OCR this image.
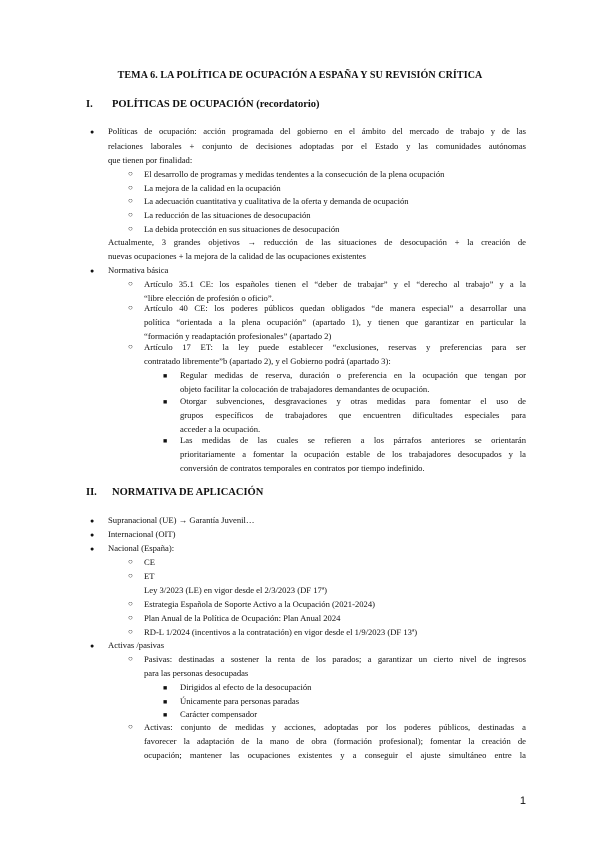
TEMA 6. LA POLÍTICA DE OCUPACIÓN A ESPAÑA Y SU REVISIÓN CRÍTICA
I. POLÍTICAS DE OCUPACIÓN (recordatorio)
● Políticas de ocupación: acción programada del gobierno en el ámbito del mercado de trabajo y de las
relaciones laborales + conjunto de decisiones adoptadas por el Estado y las comunidades autónomas
que tienen por finalidad:
○ El desarrollo de programas y medidas tendentes a la consecución de la plena ocupación
○ La mejora de la calidad en la ocupación
○ La adecuación cuantitativa y cualitativa de la oferta y demanda de ocupación
○ La reducción de las situaciones de desocupación
○ La debida protección en sus situaciones de desocupación
Actualmente, 3 grandes objetivos → reducción de las situaciones de desocupación + la creación de
nuevas ocupaciones + la mejora de la calidad de las ocupaciones existentes
● Normativa básica
○ Artículo 35.1 CE: los españoles tienen el “deber de trabajar” y el “derecho al trabajo” y a la
“libre elección de profesión o oficio”.
○ Artículo 40 CE: los poderes públicos quedan obligados “de manera especial” a desarrollar una
política “orientada a la plena ocupación” (apartado 1), y tienen que garantizar en particular la
“formación y readaptación profesionales” (apartado 2)
○ Artículo 17 ET: la ley puede establecer “exclusiones, reservas y preferencias para ser
contratado libremente”b (apartado 2), y el Gobierno podrá (apartado 3):
■ Regular medidas de reserva, duración o preferencia en la ocupación que tengan por
objeto facilitar la colocación de trabajadores demandantes de ocupación.
■ Otorgar subvenciones, desgravaciones y otras medidas para fomentar el uso de
grupos específicos de trabajadores que encuentren dificultades especiales para
acceder a la ocupación.
■ Las medidas de las cuales se refieren a los párrafos anteriores se orientarán
prioritariamente a fomentar la ocupación estable de los trabajadores desocupados y la
conversión de contratos temporales en contratos por tiempo indefinido.
II. NORMATIVA DE APLICACIÓN
● Supranacional (UE) → Garantía Juvenil…
● Internacional (OIT)
● Nacional (España):
○ CE
○ ET
Ley 3/2023 (LE) en vigor desde el 2/3/2023 (DF 17ª)
○ Estrategia Española de Soporte Activo a la Ocupación (2021-2024)
○ Plan Anual de la Política de Ocupación: Plan Anual 2024
○ RD-L 1/2024 (incentivos a la contratación) en vigor desde el 1/9/2023 (DF 13ª)
● Activas /pasivas
○ Pasivas: destinadas a sostener la renta de los parados; a garantizar un cierto nivel de ingresos
para las personas desocupadas
■ Dirigidos al efecto de la desocupación
■ Únicamente para personas paradas
■ Carácter compensador
○ Activas: conjunto de medidas y acciones, adoptadas por los poderes públicos, destinadas a
favorecer la adaptación de la mano de obra (formación profesional); fomentar la creación de
ocupación; mantener las ocupaciones existentes y a conseguir el ajuste simultáneo entre la
1
